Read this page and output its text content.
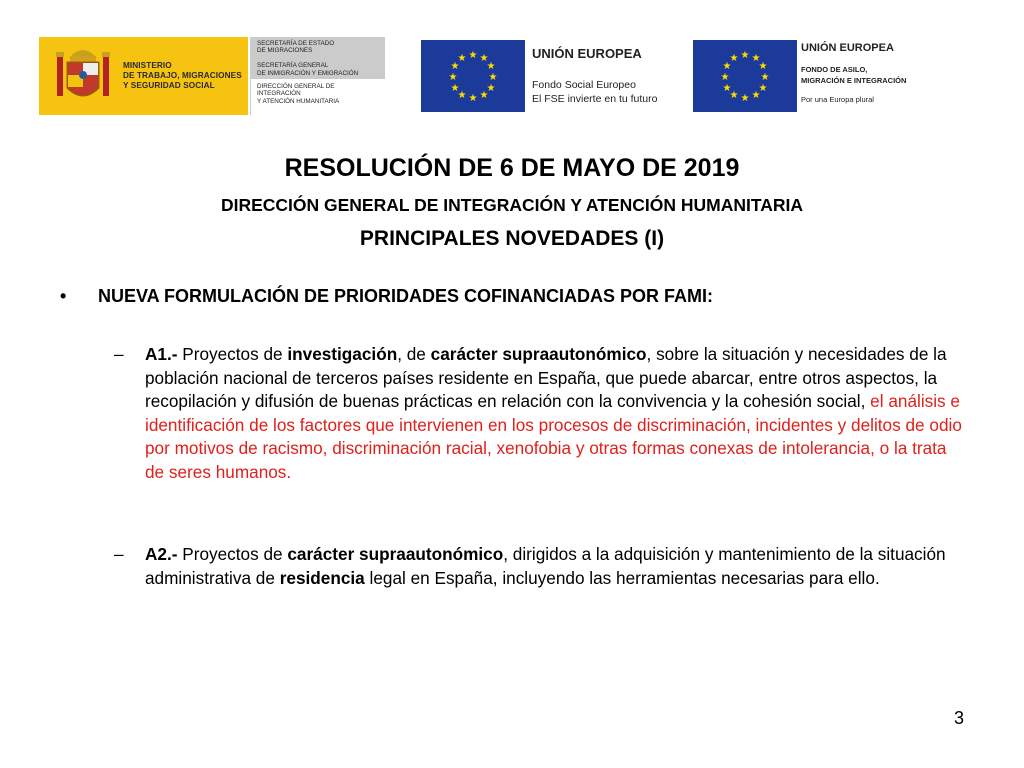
MINISTERIO
DE TRABAJO, MIGRACIONES
Y SEGURIDAD SOCIAL
SECRETARÍA DE ESTADO
DE MIGRACIONES

SECRETARÍA GENERAL
DE INMIGRACIÓN Y EMIGRACIÓN
DIRECCIÓN GENERAL DE INTEGRACIÓN
Y ATENCIÓN HUMANITARIA
★ ★
★
★
★
★
★
★
★
★
★
★	UNIÓN EUROPEA
Fondo Social Europeo
El FSE invierte en tu futuro
★ ★
★
★
★
★
★
★
★
★
★
★
UNIÓN EUROPEA
FONDO DE ASILO,
MIGRACIÓN E INTEGRACIÓN
Por una Europa plural
RESOLUCIÓN DE 6 DE MAYO DE 2019
DIRECCIÓN GENERAL DE INTEGRACIÓN Y ATENCIÓN HUMANITARIA
PRINCIPALES NOVEDADES (I)
• NUEVA FORMULACIÓN DE PRIORIDADES COFINANCIADAS POR FAMI:
– A1.- Proyectos de investigación, de carácter supraautonómico, sobre la situación y necesidades de la población nacional de terceros países residente en España, que puede abarcar, entre otros aspectos, la recopilación y difusión de buenas prácticas en relación con la convivencia y la cohesión social, el análisis e identificación de los factores que intervienen en los procesos de discriminación, incidentes y delitos de odio por motivos de racismo, discriminación racial, xenofobia y otras formas conexas de intolerancia, o la trata de seres humanos.
– A2.- Proyectos de carácter supraautonómico, dirigidos a la adquisición y mantenimiento de la situación administrativa de residencia legal en España, incluyendo las herramientas necesarias para ello.
3
